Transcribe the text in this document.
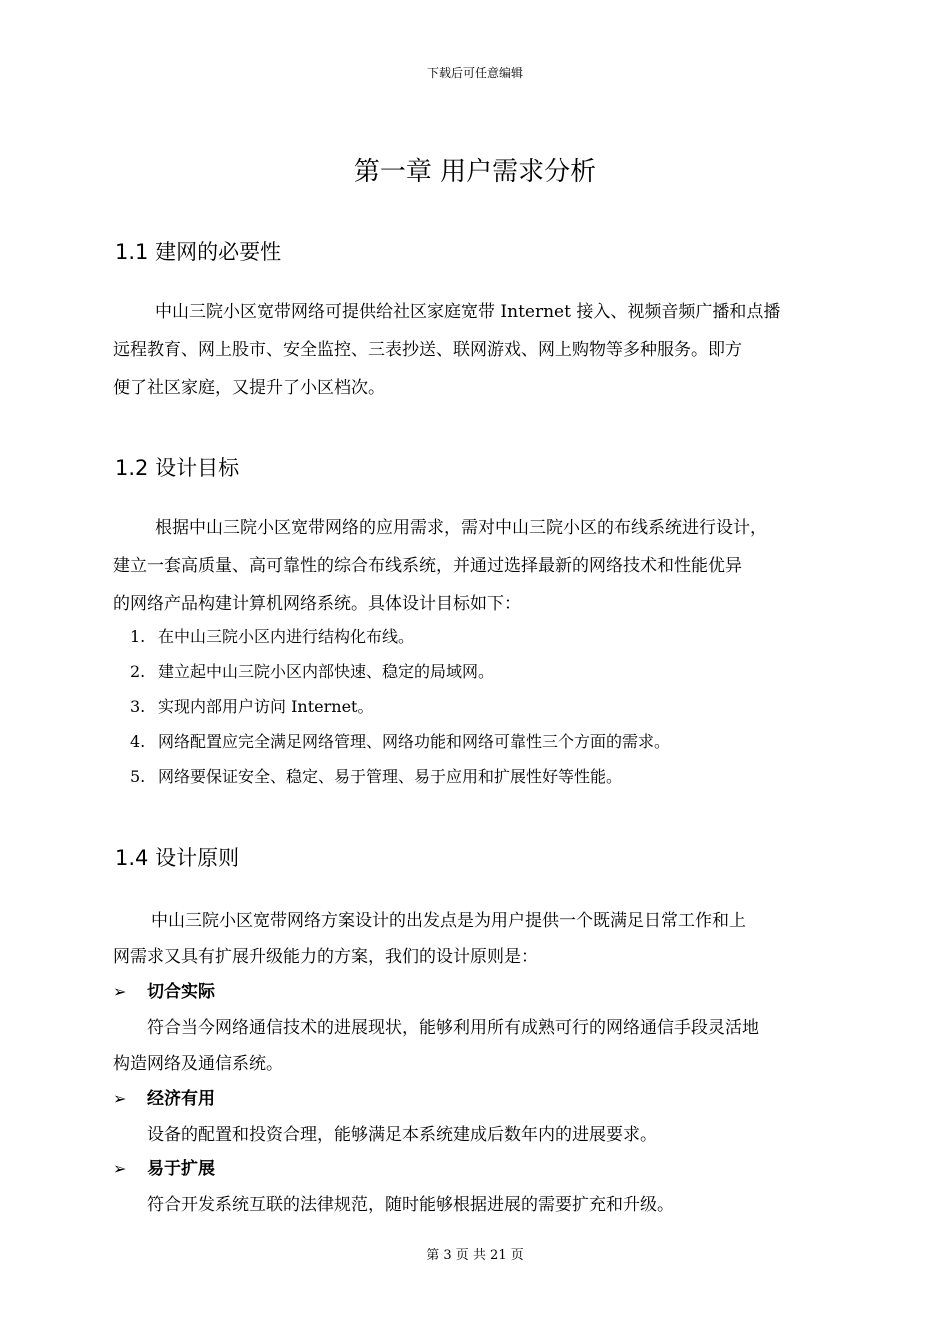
下载后可任意编辑
第一章 用户需求分析
1.1 建网的必要性
中山三院小区宽带网络可提供给社区家庭宽带 Internet 接入、视频音频广播和点播
远程教育、网上股市、安全监控、三表抄送、联网游戏、网上购物等多种服务。即方
便了社区家庭，又提升了小区档次。
1.2 设计目标
根据中山三院小区宽带网络的应用需求，需对中山三院小区的布线系统进行设计，
建立一套高质量、高可靠性的综合布线系统，并通过选择最新的网络技术和性能优异
的网络产品构建计算机网络系统。具体设计目标如下：
1. 在中山三院小区内进行结构化布线。
2. 建立起中山三院小区内部快速、稳定的局域网。
3. 实现内部用户访问 Internet。
4. 网络配置应完全满足网络管理、网络功能和网络可靠性三个方面的需求。
5. 网络要保证安全、稳定、易于管理、易于应用和扩展性好等性能。
1.4 设计原则
中山三院小区宽带网络方案设计的出发点是为用户提供一个既满足日常工作和上
网需求又具有扩展升级能力的方案，我们的设计原则是：
➢ 切合实际
符合当今网络通信技术的进展现状，能够利用所有成熟可行的网络通信手段灵活地
构造网络及通信系统。
➢ 经济有用
设备的配置和投资合理，能够满足本系统建成后数年内的进展要求。
➢ 易于扩展
符合开发系统互联的法律规范，随时能够根据进展的需要扩充和升级。
第 3 页 共 21 页
